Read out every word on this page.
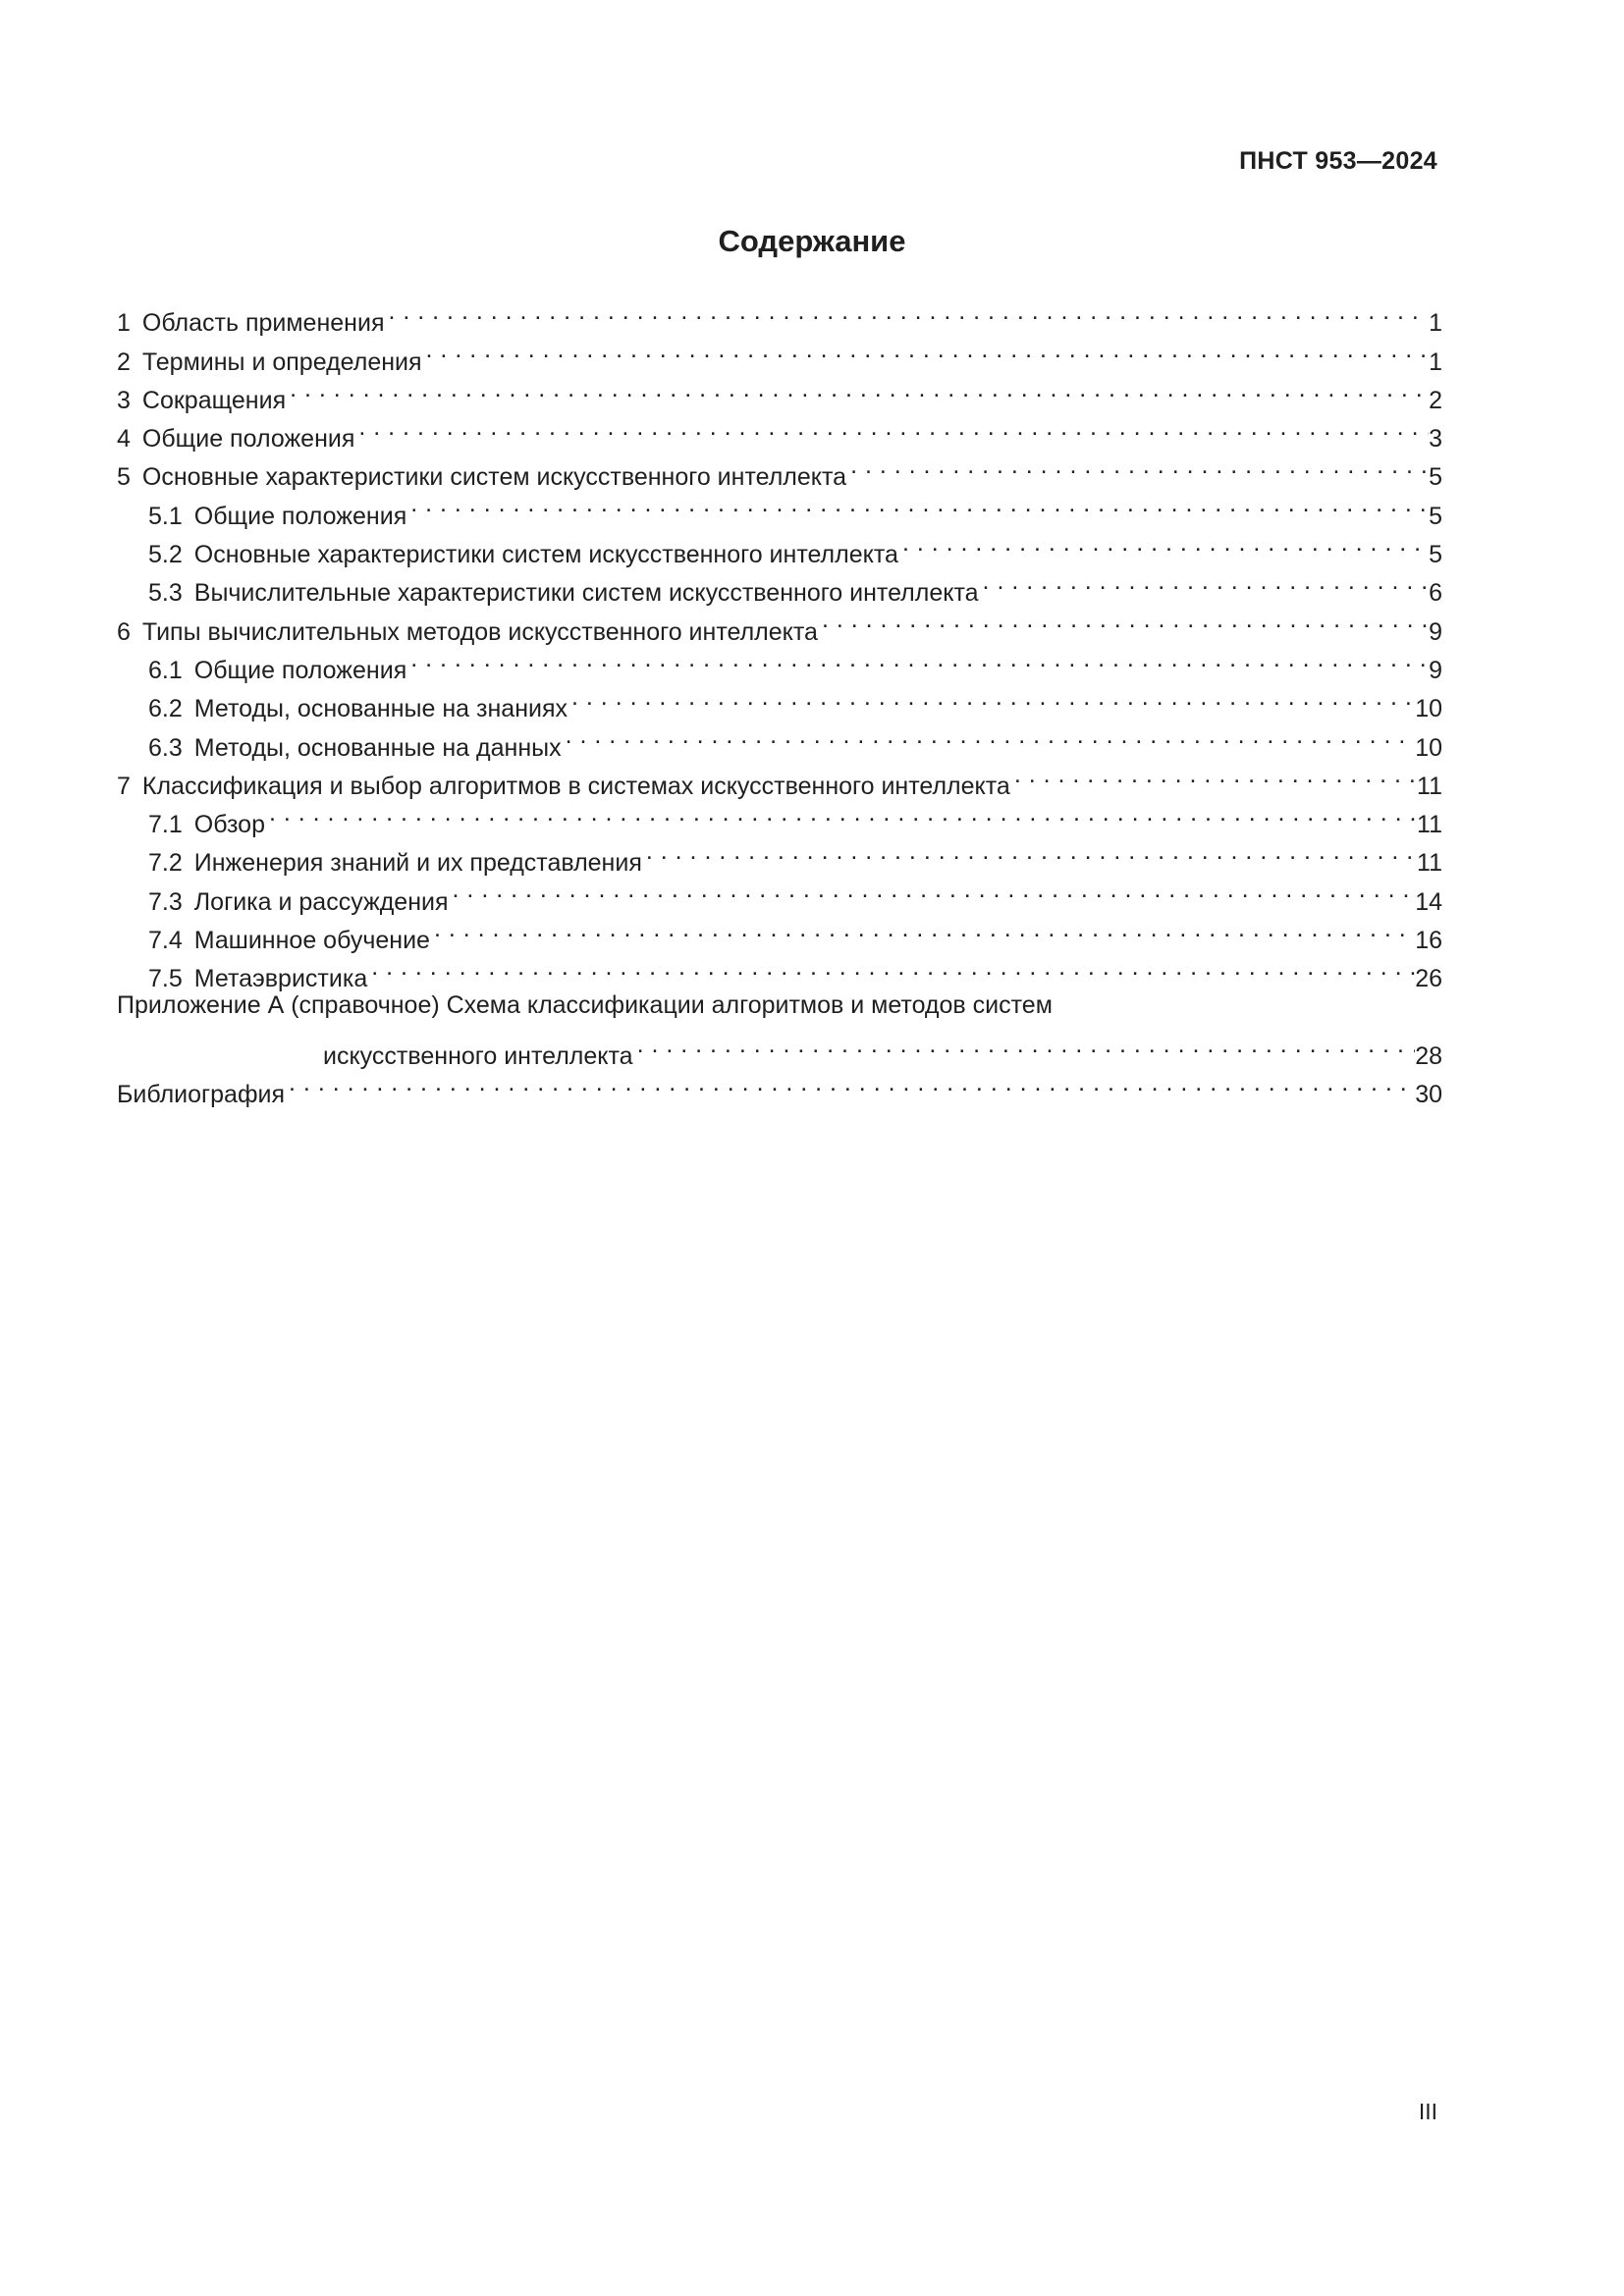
ПНСТ 953—2024
Содержание
1 Область применения . . .	1
2 Термины и определения . . .	1
3 Сокращения . . .	2
4 Общие положения . . .	3
5 Основные характеристики систем искусственного интеллекта . . .	5
5.1 Общие положения . . .	5
5.2 Основные характеристики систем искусственного интеллекта . . .	5
5.3 Вычислительные характеристики систем искусственного интеллекта . . .	6
6 Типы вычислительных методов искусственного интеллекта . . .	9
6.1 Общие положения . . .	9
6.2 Методы, основанные на знаниях . . .	10
6.3 Методы, основанные на данных . . .	10
7 Классификация и выбор алгоритмов в системах искусственного интеллекта . . .	11
7.1 Обзор . . .	11
7.2 Инженерия знаний и их представления . . .	11
7.3 Логика и рассуждения . . .	14
7.4 Машинное обучение . . .	16
7.5 Метаэвристика . . .	26
Приложение А (справочное) Схема классификации алгоритмов и методов систем
искусственного интеллекта . . .	28
Библиография . . .	30
III
